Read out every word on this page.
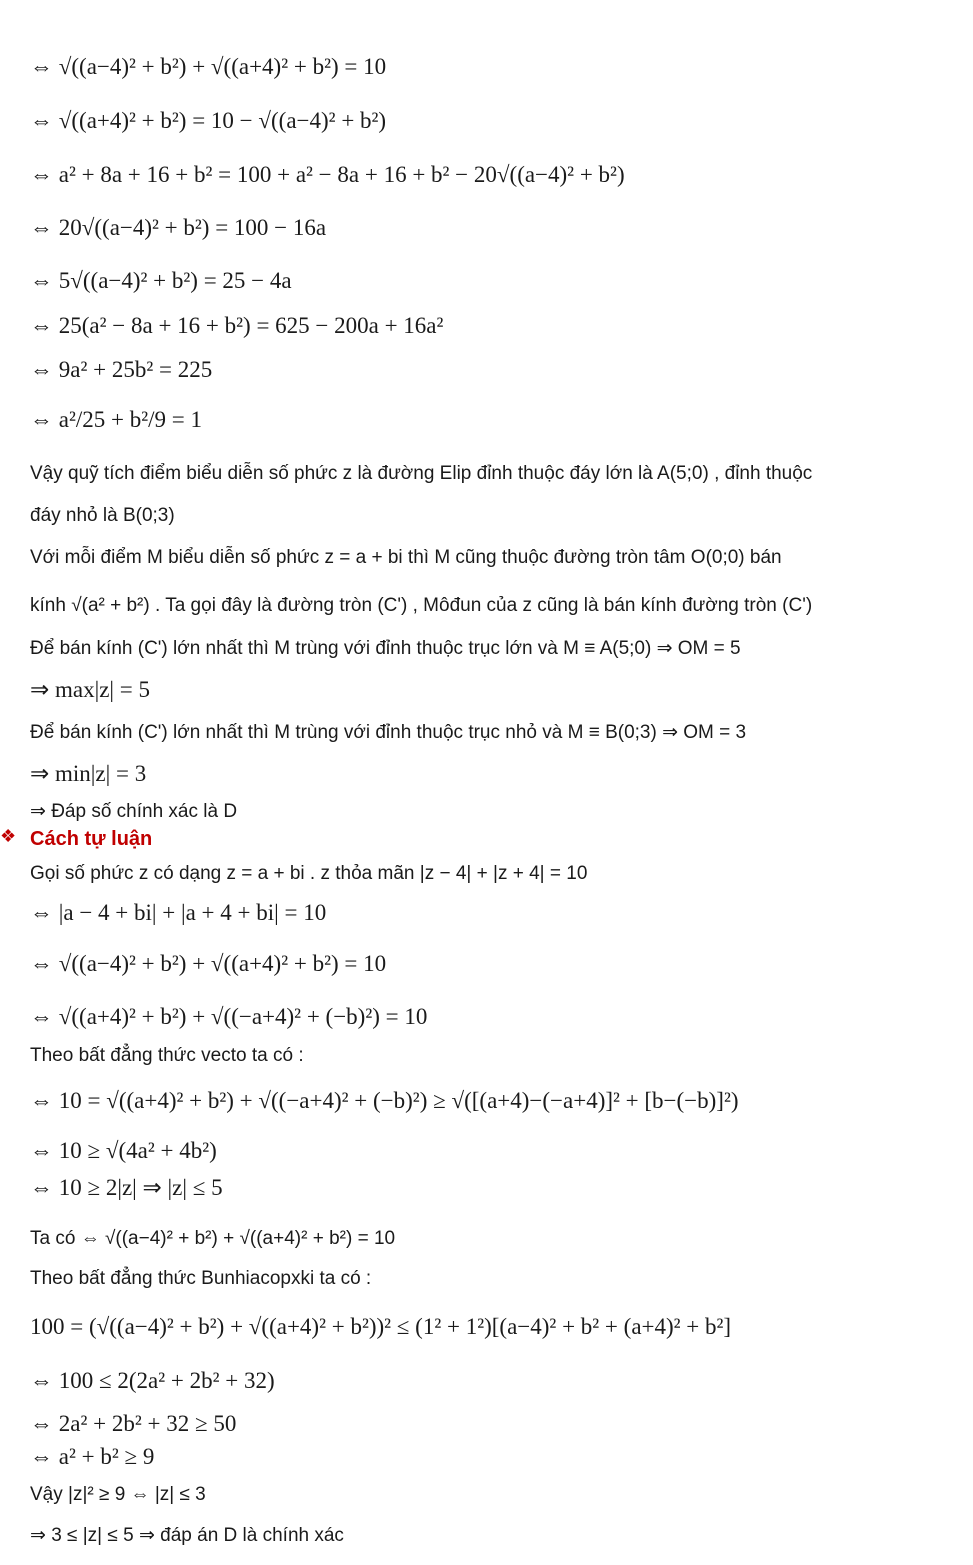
⇔ √((a−4)² + b²) + √((a+4)² + b²) = 10
⇔ √((a+4)² + b²) = 10 − √((a−4)² + b²)
⇔ a² + 8a + 16 + b² = 100 + a² − 8a + 16 + b² − 20√((a−4)² + b²)
⇔ 20√((a−4)² + b²) = 100 − 16a
⇔ 5√((a−4)² + b²) = 25 − 4a
⇔ 25(a² − 8a + 16 + b²) = 625 − 200a + 16a²
⇔ 9a² + 25b² = 225
⇔ a²/25 + b²/9 = 1
Vậy quỹ tích điểm biểu diễn số phức z là đường Elip đỉnh thuộc đáy lớn là A(5;0) , đỉnh thuộc
đáy nhỏ là B(0;3)
Với mỗi điểm M biểu diễn số phức z = a + bi thì M cũng thuộc đường tròn tâm O(0;0) bán
kính √(a² + b²) . Ta gọi đây là đường tròn (C') , Môđun của z cũng là bán kính đường tròn (C')
Để bán kính (C') lớn nhất thì M trùng với đỉnh thuộc trục lớn và M ≡ A(5;0) ⇒ OM = 5
⇒ max|z| = 5
Để bán kính (C') lớn nhất thì M trùng với đỉnh thuộc trục nhỏ và M ≡ B(0;3) ⇒ OM = 3
⇒ min|z| = 3
⇒ Đáp số chính xác là D
❖ Cách tự luận
Gọi số phức z có dạng z = a + bi . z thỏa mãn |z − 4| + |z + 4| = 10
⇔ |a − 4 + bi| + |a + 4 + bi| = 10
⇔ √((a−4)² + b²) + √((a+4)² + b²) = 10
⇔ √((a+4)² + b²) + √((−a+4)² + (−b)²) = 10
Theo bất đẳng thức vecto ta có :
⇔ 10 = √((a+4)² + b²) + √((−a+4)² + (−b)²) ≥ √([(a+4)−(−a+4)]² + [b−(−b)]²)
⇔ 10 ≥ √(4a² + 4b²)
⇔ 10 ≥ 2|z| ⇒ |z| ≤ 5
Ta có ⇔ √((a−4)² + b²) + √((a+4)² + b²) = 10
Theo bất đẳng thức Bunhiacopxki ta có :
100 = (√((a−4)² + b²) + √((a+4)² + b²))² ≤ (1² + 1²)[(a−4)² + b² + (a+4)² + b²]
⇔ 100 ≤ 2(2a² + 2b² + 32)
⇔ 2a² + 2b² + 32 ≥ 50
⇔ a² + b² ≥ 9
Vậy |z|² ≥ 9 ⇔ |z| ≤ 3
⇒ 3 ≤ |z| ≤ 5 ⇒ đáp án D là chính xác
